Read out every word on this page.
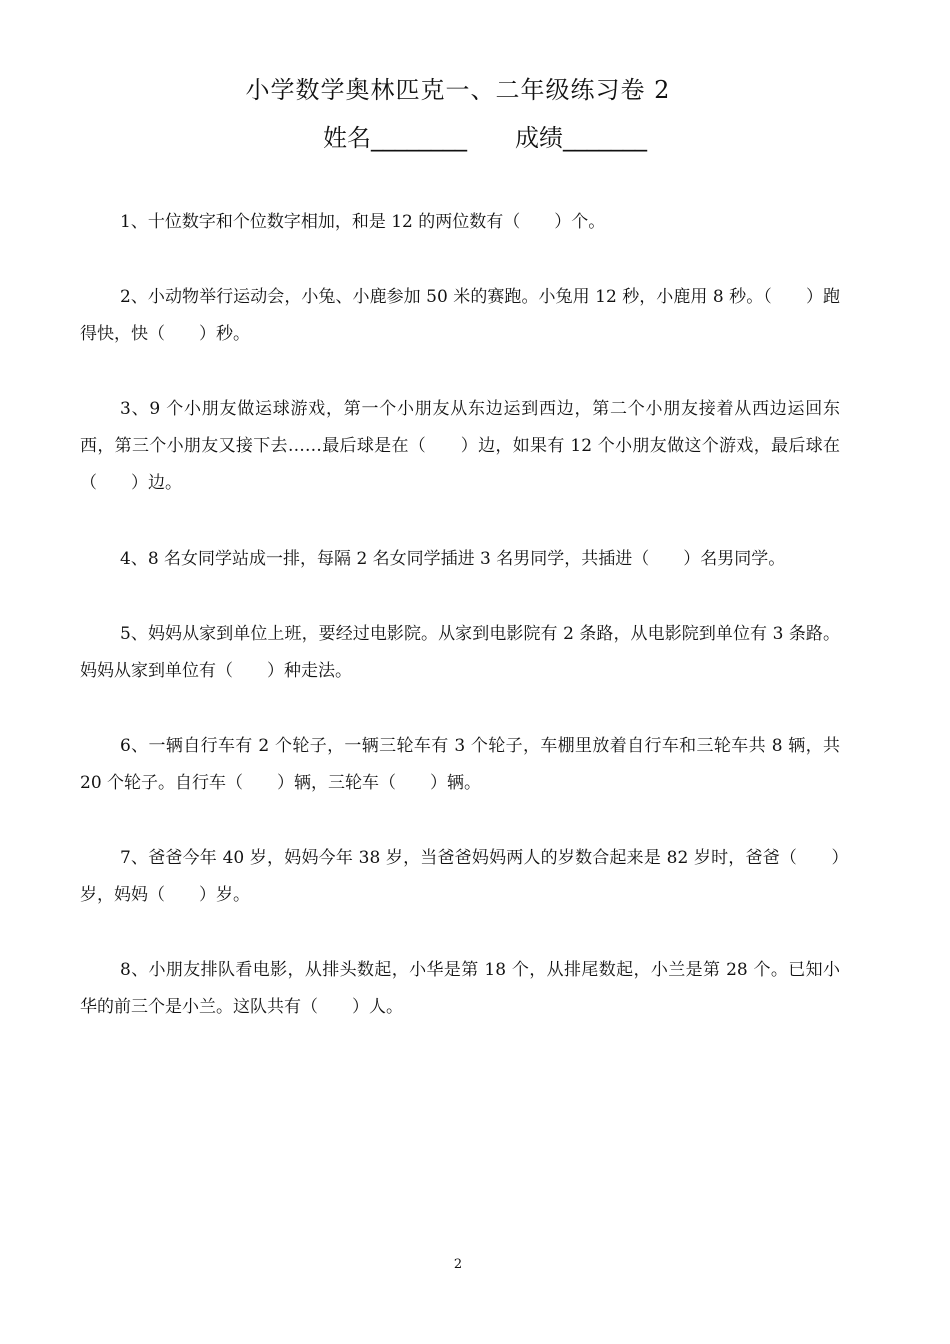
小学数学奥林匹克一、二年级练习卷 2
姓名________ 成绩_______
1、十位数字和个位数字相加，和是 12 的两位数有（　　）个。
2、小动物举行运动会，小兔、小鹿参加 50 米的赛跑。小兔用 12 秒，小鹿用 8 秒。（　　）跑得快，快（　　）秒。
3、9 个小朋友做运球游戏，第一个小朋友从东边运到西边，第二个小朋友接着从西边运回东西，第三个小朋友又接下去……最后球是在（　　）边，如果有 12 个小朋友做这个游戏，最后球在（　　）边。
4、8 名女同学站成一排，每隔 2 名女同学插进 3 名男同学，共插进（　　）名男同学。
5、妈妈从家到单位上班，要经过电影院。从家到电影院有 2 条路，从电影院到单位有 3 条路。妈妈从家到单位有（　　）种走法。
6、一辆自行车有 2 个轮子，一辆三轮车有 3 个轮子，车棚里放着自行车和三轮车共 8 辆，共 20 个轮子。自行车（　　）辆，三轮车（　　）辆。
7、爸爸今年 40 岁，妈妈今年 38 岁，当爸爸妈妈两人的岁数合起来是 82 岁时，爸爸（　　）岁，妈妈（　　）岁。
8、小朋友排队看电影，从排头数起，小华是第 18 个，从排尾数起，小兰是第 28 个。已知小华的前三个是小兰。这队共有（　　）人。
2
